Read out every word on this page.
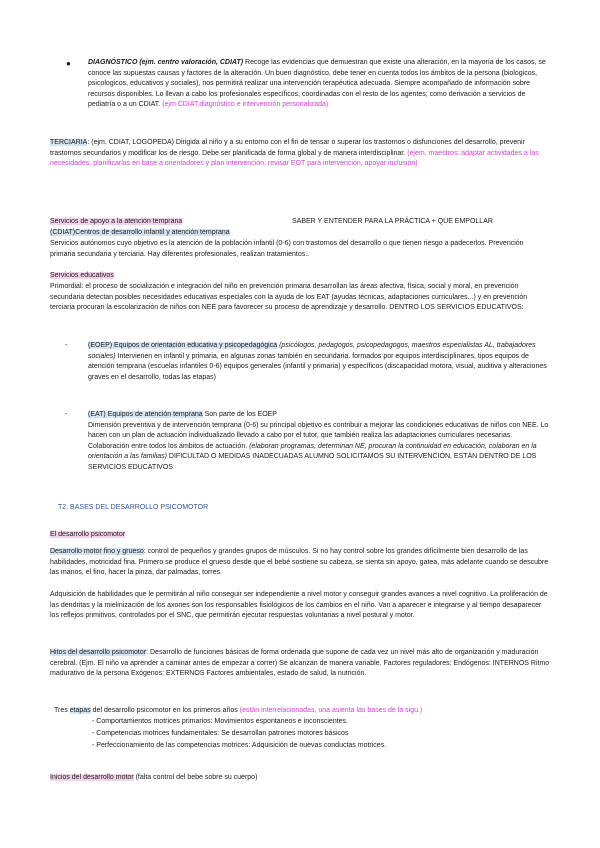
● DIAGNÓSTICO (ejm. centro valoración, CDIAT) Recoge las evidencias que demuestran que existe una alteración, en la mayoría de los casos, se conoce las supuestas causas y factores de la alteración. Un buen diagnóstico, debe tener en cuenta todos los ámbitos de la persona (biologicos, psicologicos, educativos y sociales), nos permitirá realizar una intervención terapéutica adecuada. Siempre acompañado de información sobre recursos disponibles. Lo llevan a cabo los profesionales específicos, coordinadas con el resto de los agentes; como derivación a servicios de pediatría o a un CDIAT. (ejm CDIAT,diagnóstico e intervención personalizada)

TERCIARIA: (ejm. CDIAT, LOGOPEDA) Dirigida al niño y a su entorno con el fin de tensar o superar los trastornos o disfunciones del desarrollo, prevenir trastornos secundarios y modificar los de riesgo. Debe ser planificada de forma global y de manera interdisciplinar. (ejem. maestros: adaptar actividades a las necesidades, planificarlas en base a orientadores y plan intervención, revisar EOT para intervención, apoyar inclusión)

Servicios de apoyo a la atención temprana	SABER Y ENTENDER PARA LA PRÁCTICA + QUE EMPOLLAR
(CDIAT)Centros de desarrollo infantil y atención temprana

Servicios autónomos cuyo objetivo es la atención de la población infantil (0-6) con trastornos del desarrollo o que tienen riesgo a padecerlos. Prevención primaria secundaria y terciaria. Hay diferentes profesionales, realizan tratamientos..

Servicios educativos

Primordial: el proceso de socialización e integración del niño en prevención primaria desarrollan las áreas afectiva, física, social y moral, en prevención secundaria detectan posibles necesidades educativas especiales con la ayuda de los EAT (ayudas técnicas, adaptaciones curriculares...) y en prevención terciaria procuran la escolarización de niños con NEE para favorecer su proceso de aprendizaje y desarrollo. DENTRO LOS SERVICIOS EDUCATIVOS:

-	(EOEP) Equipos de orientación educativa y psicopedagógica (psicólogos, pedagogos, psicopedagogos, maestros especialistas AL, trabajadores sociales) Intervienen en infantil y primaria, en algunas zonas también en secundaria. formados por equipos interdisciplinares, tipos equipos de atención temprana (escuelas infantiles 0-6) equipos generales (infantil y primaria) y específicos (discapacidad motora, visual, auditiva y alteraciones graves en el desarrollo, todas las etapas)

-	(EAT) Equipos de atención temprana Son parte de los EOEP
Dimensión preventiva y de intervención temprana (0-6) su principal objetivo es contribuir a mejorar las condiciones educativas de niños con NEE. Lo hacen con un plan de actuación individualizado llevado a cabo por el tutor, que también realiza las adaptaciones curriculares necesarias. Colaboración entre todos los ámbitos de actuación. (elaboran programas, determinan NE, procuran la continuidad en educación, colaboran en la orientación a las familias) DIFICULTAD O MEDIDAS INADECUADAS ALUMNO SOLICITAMOS SU INTERVENCIÓN, ESTÁN DENTRO DE LOS SERVICIOS EDUCATIVOS

T2. BASES DEL DESARROLLO PSICOMOTOR
El desarrollo psicomotor

Desarrollo motor fino y grueso: control de pequeños y grandes grupos de músculos. Si no hay control sobre los grandes difícilmente bien desarrollo de las habilidades, motricidad fina. Primero se produce el grueso desde que el bebé sostiene su cabeza, se sienta sin apoyo, gatea, más adelante cuando se descubre las manos, el fino, hacer la pinza, dar palmadas, torres.

Adquisición de habilidades que le permitirán al niño conseguir ser independiente a nivel motor y conseguir grandes avances a nivel cognitivo. La proliferación de las dendritas y la mielinización de los axones son los responsables fisiológicos de los cambios en el niño. Van a aparecer e integrarse y al tiempo desaparecer los reflejos primitivos, controlados por el SNC, que permitirán ejecutar respuestas voluntarias a nivel postural y motor.

Hitos del desarrollo psicomotor: Desarrollo de funciones básicas de forma ordenada que supone de cada vez un nivel más alto de organización y maduración cerebral. (Ejm. El niño va aprender a caminar antes de empezar a correr) Se alcanzan de manera variable. Factores reguladores: Endógenos: INTERNOS Ritmo madurativo de la persona Exógenos: EXTERNOS Factores ambientales, estado de salud, la nutrición.

Tres etapas del desarrollo psicomotor en los primeros años (están interrelacionadas, una asienta las bases de la sigu.)

- Comportamientos motrices primarios: Movimientos espontaneos e inconscientes.
- Competencias motrices fundamentales: Se desarrollan patrones motores básicos
- Perfeccionamiento de las competencias motrices: Adquisición de nuevas conductas motrices.

Inicios del desarrollo motor (falta control del bebe sobre su cuerpo)
